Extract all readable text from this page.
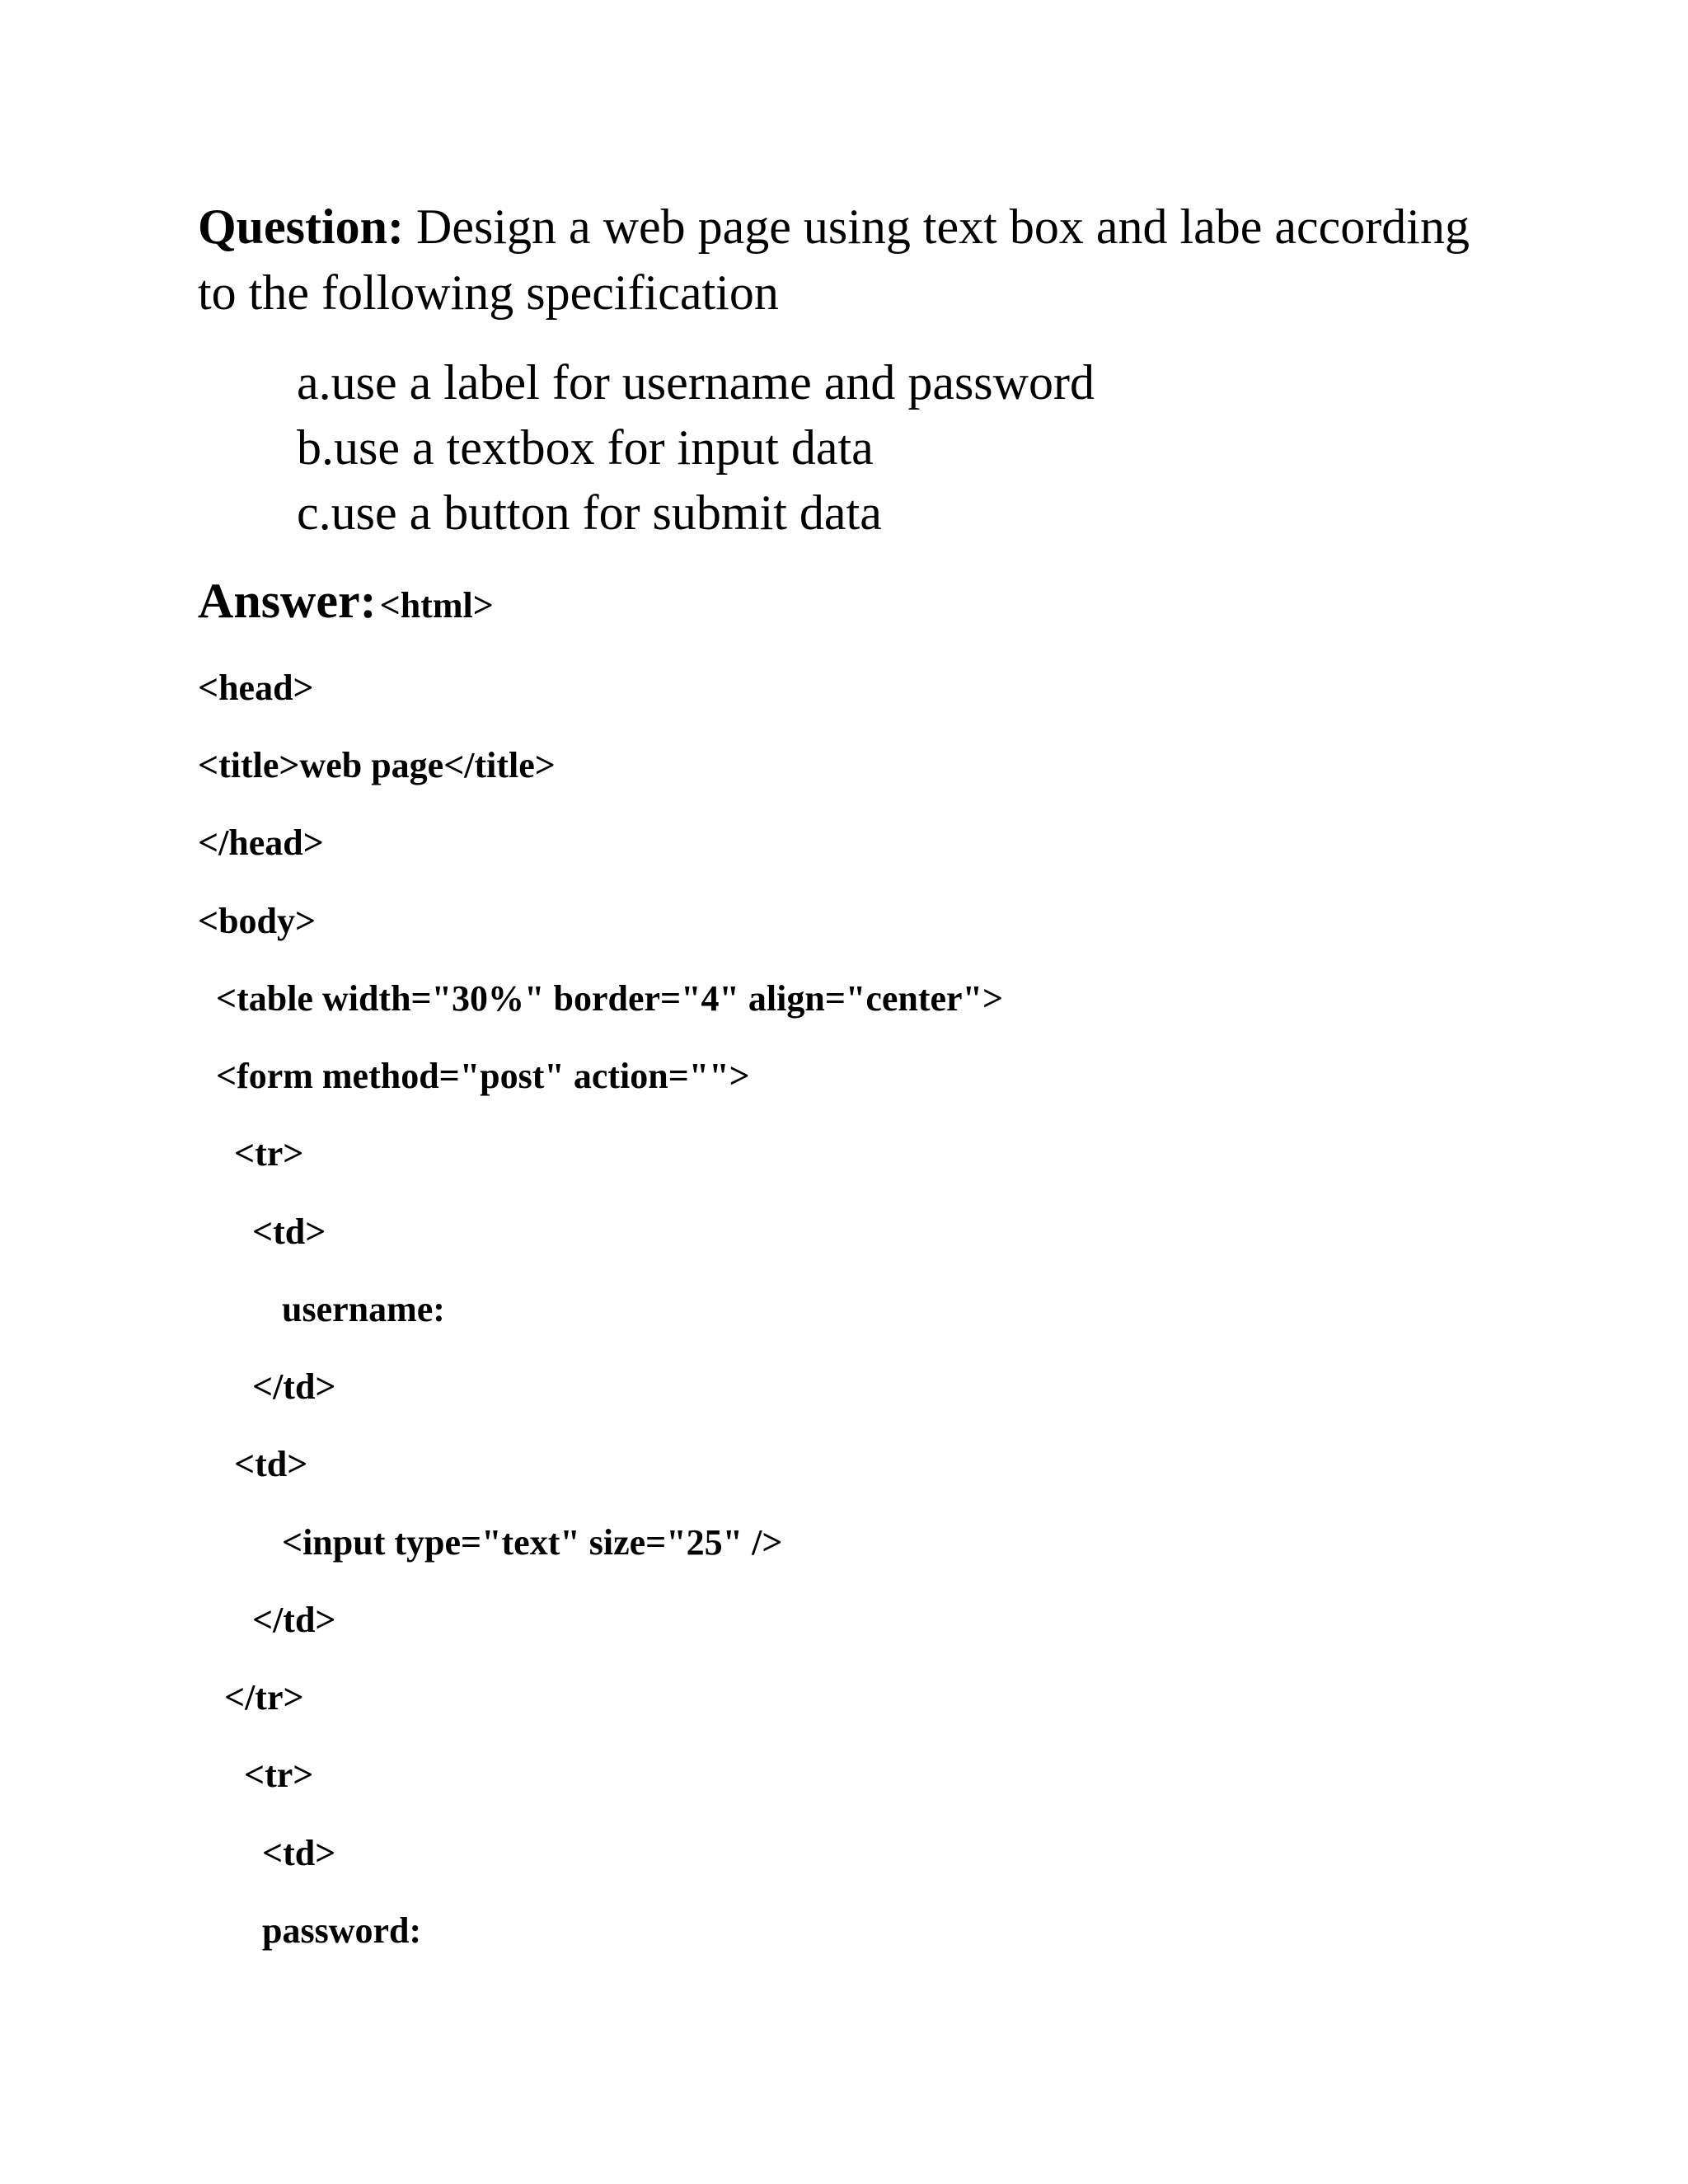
Question: Design a web page using text box and labe according to the following specification

a.use a label for username and password
b.use a textbox for input data
c.use a button for submit data

Answer: <html>

<head>

<title>web page</title>

</head>

<body>

<table width="30%" border="4" align="center">

<form method="post" action="">

<tr>

<td>

username:

</td>

<td>

<input type="text" size="25" />

</td>

</tr>

<tr>

<td>

password:
